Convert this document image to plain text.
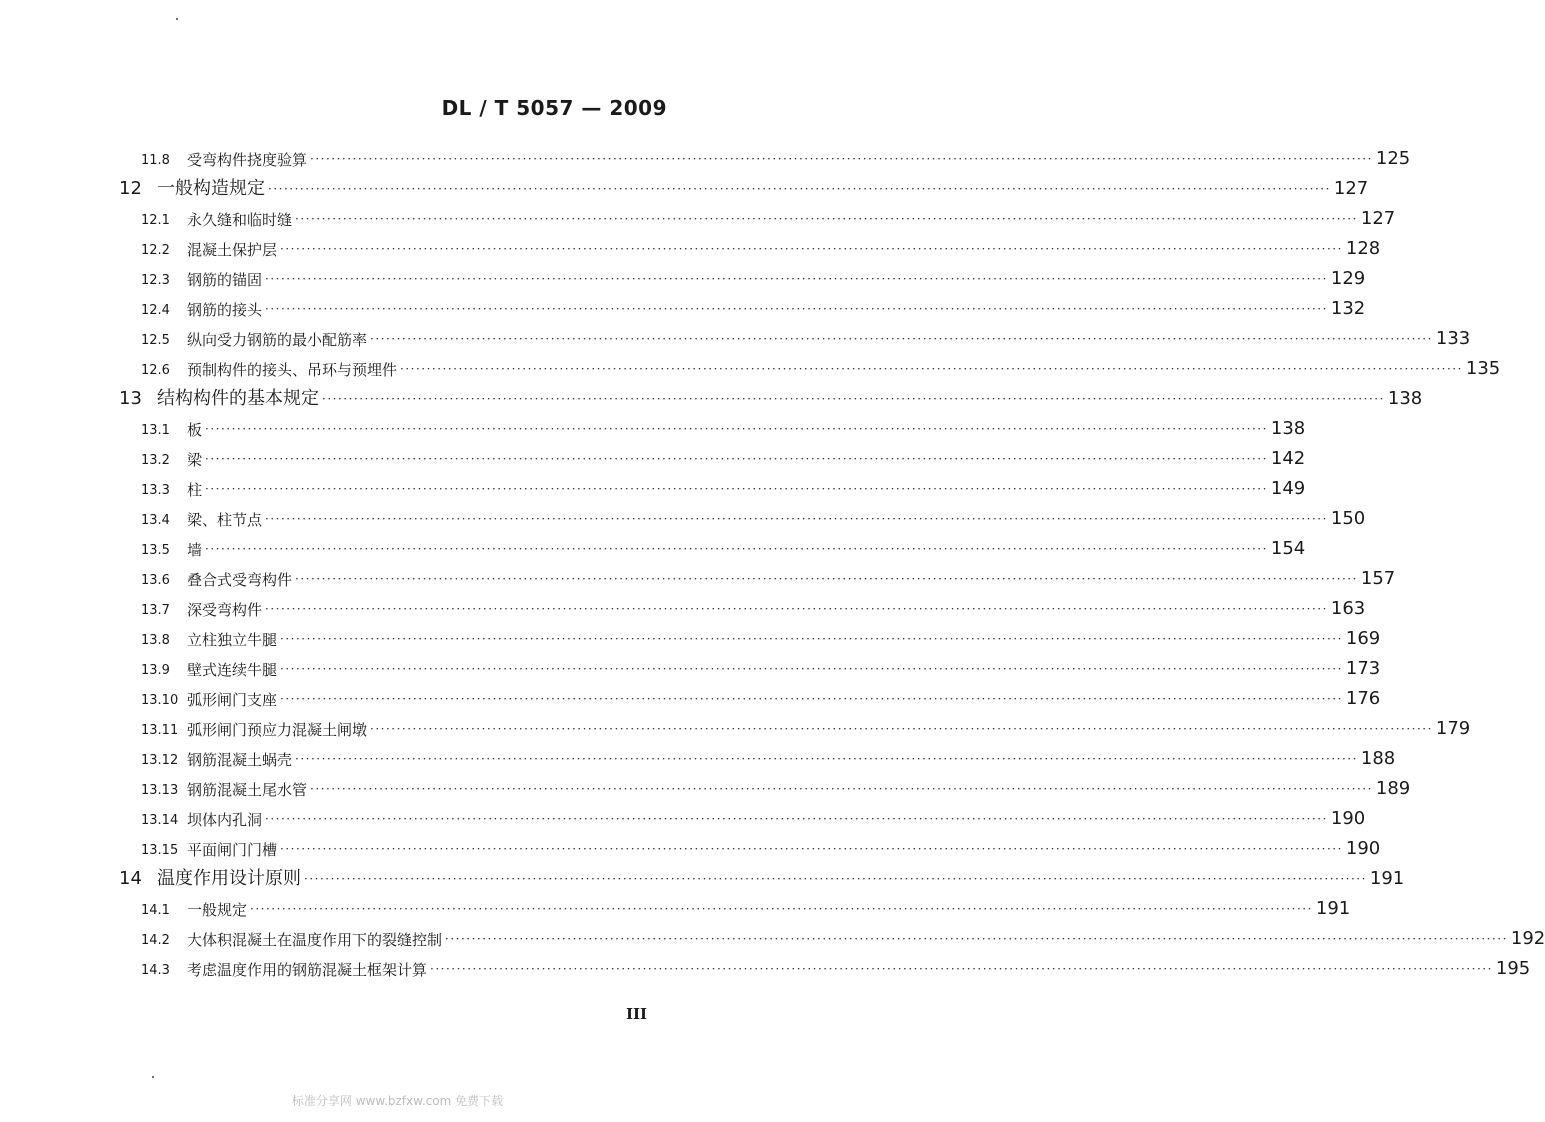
DL / T 5057 — 2009
11.8	受弯构件挠度验算 ········································································································································································································ 125
12 一般构造规定 ········································································································································································································ 127
12.1	永久缝和临时缝 ········································································································································································································ 127
12.2	混凝土保护层 ········································································································································································································ 128
12.3	钢筋的锚固 ········································································································································································································ 129
12.4	钢筋的接头 ········································································································································································································ 132
12.5	纵向受力钢筋的最小配筋率 ········································································································································································································ 133
12.6	预制构件的接头、吊环与预埋件 ········································································································································································································ 135
13 结构构件的基本规定 ········································································································································································································ 138
13.1	板 ········································································································································································································ 138
13.2	梁 ········································································································································································································ 142
13.3	柱 ········································································································································································································ 149
13.4	梁、柱节点 ········································································································································································································ 150
13.5	墙 ········································································································································································································ 154
13.6	叠合式受弯构件 ········································································································································································································ 157
13.7	深受弯构件 ········································································································································································································ 163
13.8	立柱独立牛腿 ········································································································································································································ 169
13.9	壁式连续牛腿 ········································································································································································································ 173
13.10 弧形闸门支座 ········································································································································································································ 176
13.11 弧形闸门预应力混凝土闸墩 ········································································································································································································ 179
13.12 钢筋混凝土蜗壳 ········································································································································································································ 188
13.13 钢筋混凝土尾水管 ········································································································································································································ 189
13.14 坝体内孔洞 ········································································································································································································ 190
13.15 平面闸门门槽 ········································································································································································································ 190
14 温度作用设计原则 ········································································································································································································ 191
14.1	一般规定 ········································································································································································································ 191
14.2	大体积混凝土在温度作用下的裂缝控制 ········································································································································································································ 192
14.3	考虑温度作用的钢筋混凝土框架计算 ········································································································································································································ 195
III
标准分享网 www.bzfxw.com 免费下载
